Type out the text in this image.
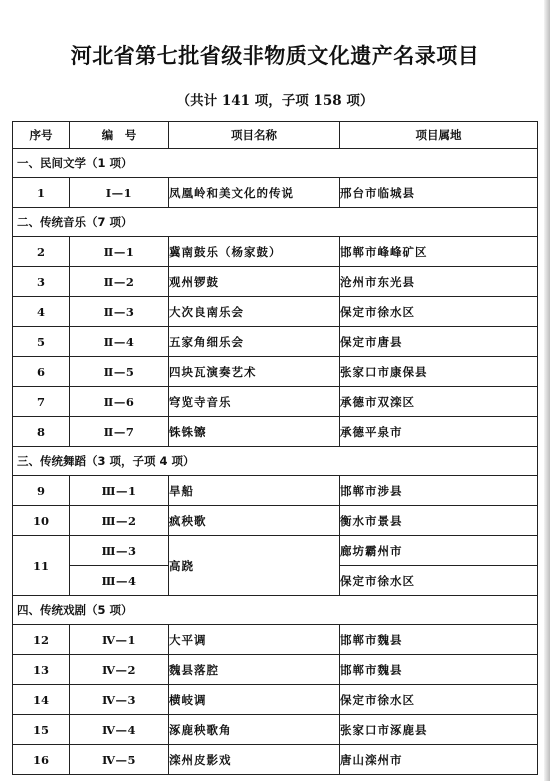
河北省第七批省级非物质文化遗产名录项目
（共计 141 项，子项 158 项）
序号	编　号	项目名称	项目属地
一、民间文学（1 项）			
1	Ⅰ—1	凤凰岭和美文化的传说	邢台市临城县
二、传统音乐（7 项）			
2	Ⅱ—1	冀南鼓乐（杨家鼓）	邯郸市峰峰矿区
3	Ⅱ—2	观州锣鼓	沧州市东光县
4	Ⅱ—3	大次良南乐会	保定市徐水区
5	Ⅱ—4	五家角细乐会	保定市唐县
6	Ⅱ—5	四块瓦演奏艺术	张家口市康保县
7	Ⅱ—6	穹览寺音乐	承德市双滦区
8	Ⅱ—7	铢铢镲	承德平泉市
三、传统舞蹈（3 项，子项 4 项）			
9	Ⅲ—1	旱船	邯郸市涉县
10	Ⅲ—2	疯秧歌	衡水市景县
11	Ⅲ—3	高跷	廊坊霸州市
	Ⅲ—4		保定市徐水区
四、传统戏剧（5 项）			
12	Ⅳ—1	大平调	邯郸市魏县
13	Ⅳ—2	魏县落腔	邯郸市魏县
14	Ⅳ—3	横岐调	保定市徐水区
15	Ⅳ—4	涿鹿秧歌角	张家口市涿鹿县
16	Ⅳ—5	滦州皮影戏	唐山滦州市
